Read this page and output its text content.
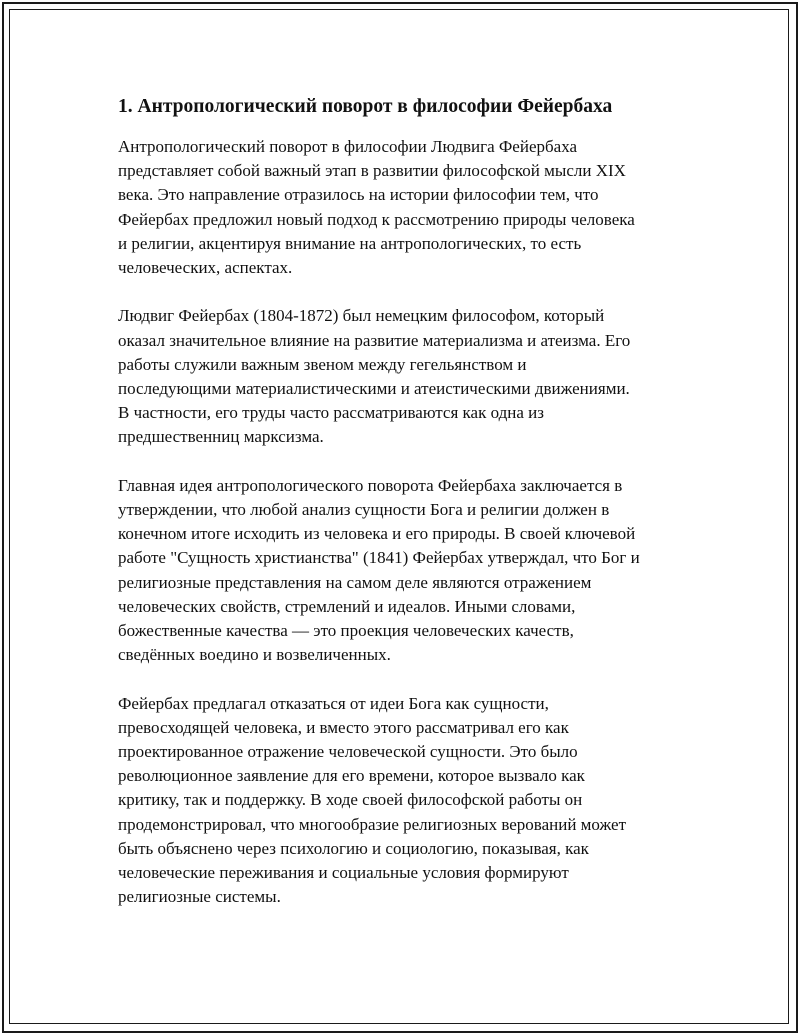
1. Антропологический поворот в философии Фейербаха
Антропологический поворот в философии Людвига Фейербаха
представляет собой важный этап в развитии философской мысли XIX
века. Это направление отразилось на истории философии тем, что
Фейербах предложил новый подход к рассмотрению природы человека
и религии, акцентируя внимание на антропологических, то есть
человеческих, аспектах.
Людвиг Фейербах (1804-1872) был немецким философом, который
оказал значительное влияние на развитие материализма и атеизма. Его
работы служили важным звеном между гегельянством и
последующими материалистическими и атеистическими движениями.
В частности, его труды часто рассматриваются как одна из
предшественниц марксизма.
Главная идея антропологического поворота Фейербаха заключается в
утверждении, что любой анализ сущности Бога и религии должен в
конечном итоге исходить из человека и его природы. В своей ключевой
работе "Сущность христианства" (1841) Фейербах утверждал, что Бог и
религиозные представления на самом деле являются отражением
человеческих свойств, стремлений и идеалов. Иными словами,
божественные качества — это проекция человеческих качеств,
сведённых воедино и возвеличенных.
Фейербах предлагал отказаться от идеи Бога как сущности,
превосходящей человека, и вместо этого рассматривал его как
проектированное отражение человеческой сущности. Это было
революционное заявление для его времени, которое вызвало как
критику, так и поддержку. В ходе своей философской работы он
продемонстрировал, что многообразие религиозных верований может
быть объяснено через психологию и социологию, показывая, как
человеческие переживания и социальные условия формируют
религиозные системы.
